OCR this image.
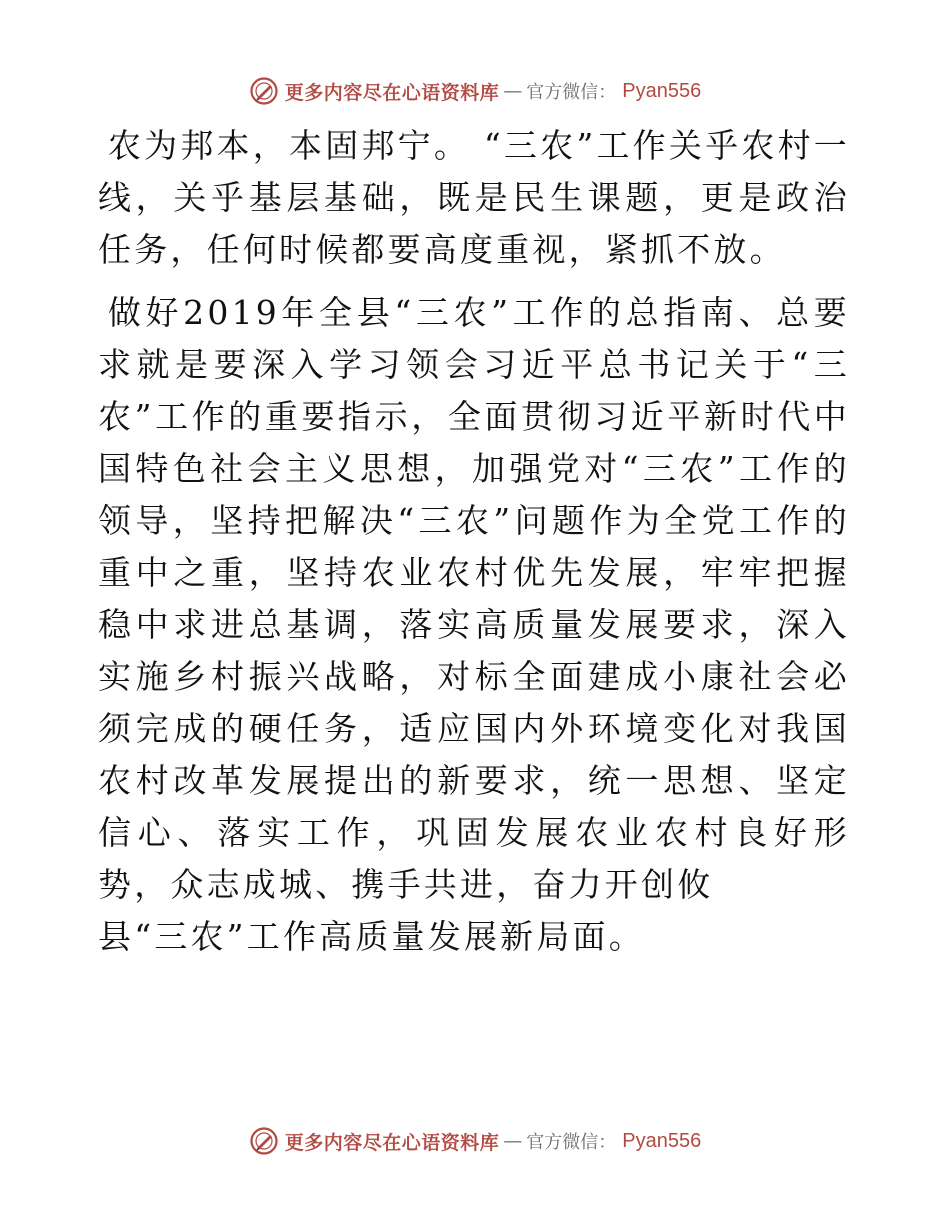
更多内容尽在心语资料库 — 官方微信： Pyan556

农为邦本，本固邦宁。 “三农”工作关乎农村一线，关乎基层基础，既是民生课题，更是政治任务，任何时候都要高度重视，紧抓不放。

做好2019年全县“三农”工作的总指南、总要求就是要深入学习领会习近平总书记关于“三农”工作的重要指示，全面贯彻习近平新时代中国特色社会主义思想，加强党对“三农”工作的领导，坚持把解决“三农”问题作为全党工作的重中之重，坚持农业农村优先发展，牢牢把握稳中求进总基调，落实高质量发展要求，深入实施乡村振兴战略，对标全面建成小康社会必须完成的硬任务，适应国内外环境变化对我国农村改革发展提出的新要求，统一思想、坚定信心、落实工作，巩固发展农业农村良好形势，众志成城、携手共进，奋力开创攸
县“三农”工作高质量发展新局面。

更多内容尽在心语资料库 — 官方微信： Pyan556
